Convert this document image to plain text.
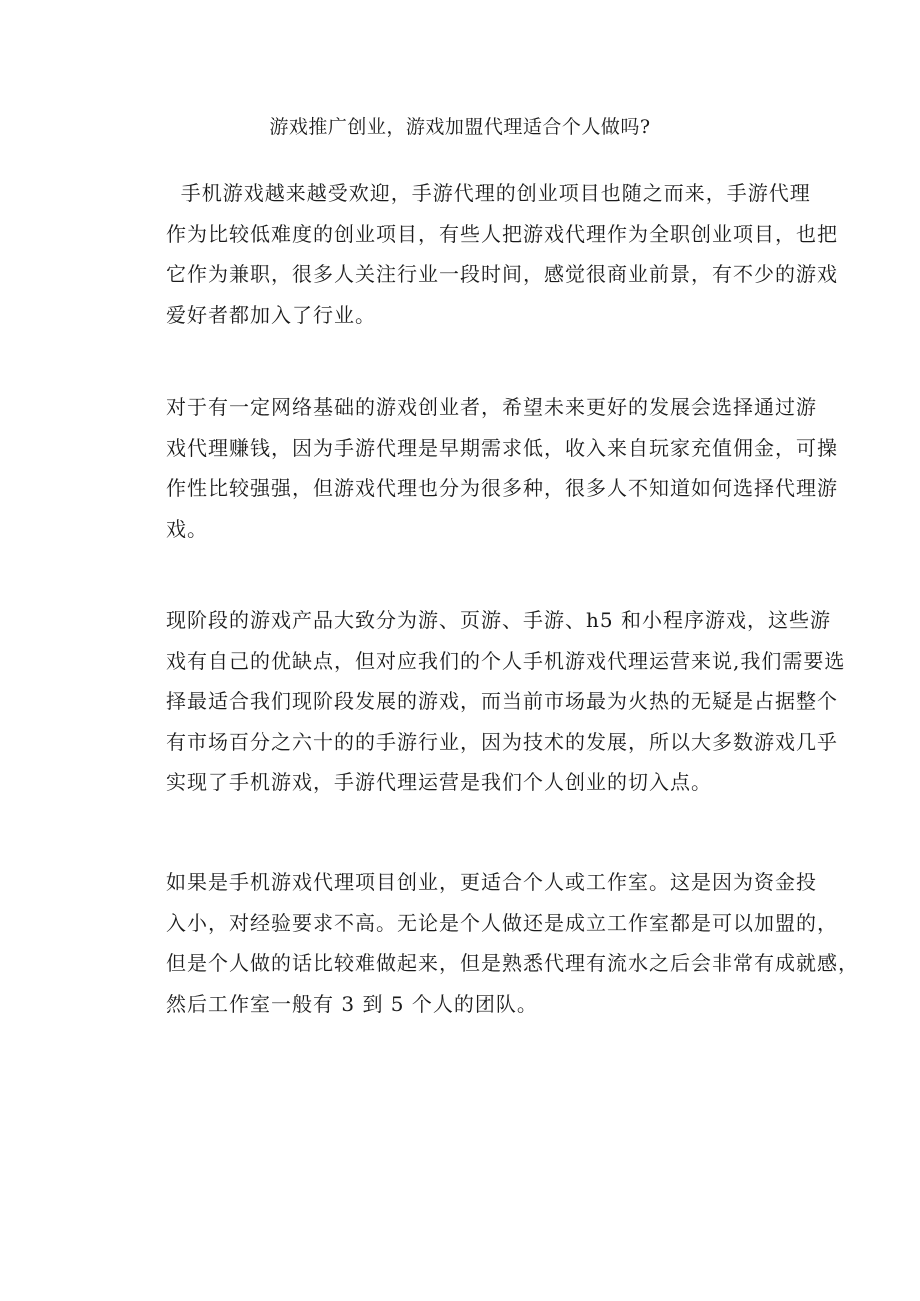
游戏推广创业，游戏加盟代理适合个人做吗?
手机游戏越来越受欢迎，手游代理的创业项目也随之而来，手游代理
作为比较低难度的创业项目，有些人把游戏代理作为全职创业项目，也把
它作为兼职，很多人关注行业一段时间，感觉很商业前景，有不少的游戏
爱好者都加入了行业。
对于有一定网络基础的游戏创业者，希望未来更好的发展会选择通过游
戏代理赚钱，因为手游代理是早期需求低，收入来自玩家充值佣金，可操
作性比较强强，但游戏代理也分为很多种，很多人不知道如何选择代理游
戏。
现阶段的游戏产品大致分为游、页游、手游、h5 和小程序游戏，这些游
戏有自己的优缺点，但对应我们的个人手机游戏代理运营来说,我们需要选
择最适合我们现阶段发展的游戏，而当前市场最为火热的无疑是占据整个
有市场百分之六十的的手游行业，因为技术的发展，所以大多数游戏几乎
实现了手机游戏，手游代理运营是我们个人创业的切入点。
如果是手机游戏代理项目创业，更适合个人或工作室。这是因为资金投
入小，对经验要求不高。无论是个人做还是成立工作室都是可以加盟的，
但是个人做的话比较难做起来，但是熟悉代理有流水之后会非常有成就感，
然后工作室一般有 3 到 5 个人的团队。
